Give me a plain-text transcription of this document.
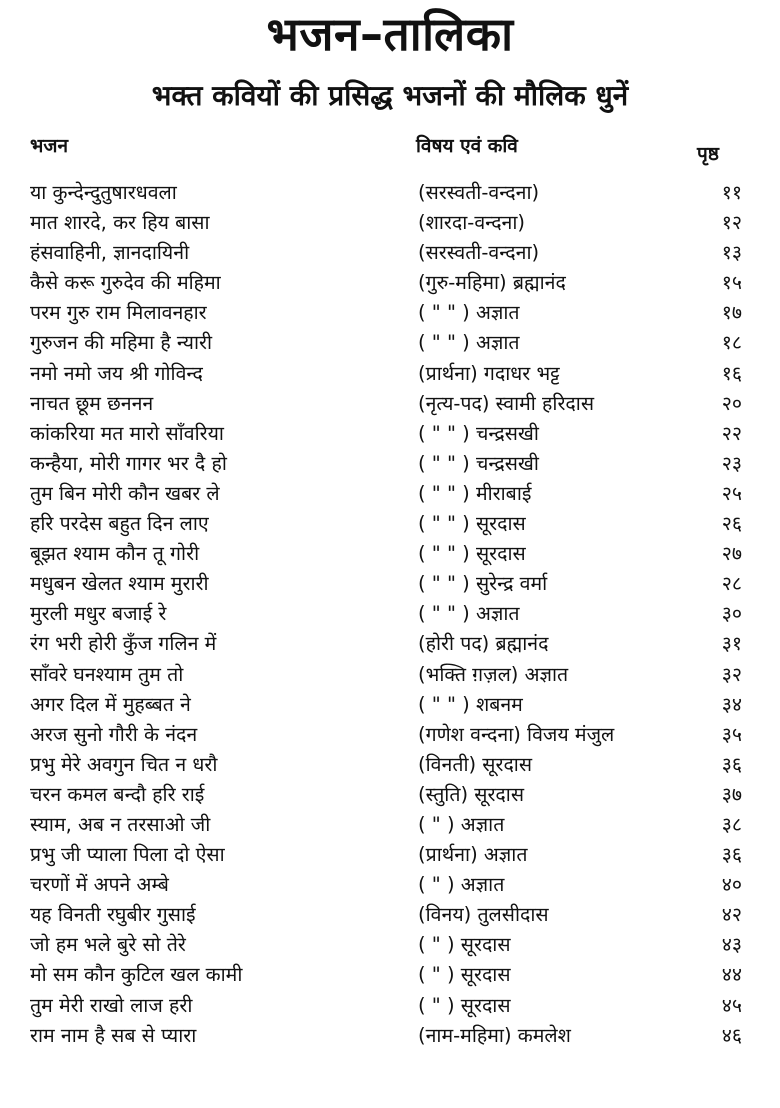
भजन–तालिका
भक्त कवियों की प्रसिद्ध भजनों की मौलिक धुनें
भजन	विषय एवं कवि	पृष्ठ
या कुन्देन्दुतुषारधवला	(सरस्वती-वन्दना)	११
मात शारदे, कर हिय बासा	(शारदा-वन्दना)	१२
हंसवाहिनी, ज्ञानदायिनी	(सरस्वती-वन्दना)	१३
कैसे करू गुरुदेव की महिमा	(गुरु-महिमा) ब्रह्मानंद	१५
परम गुरु राम मिलावनहार	( " " ) अज्ञात	१७
गुरुजन की महिमा है न्यारी	( " " ) अज्ञात	१८
नमो नमो जय श्री गोविन्द	(प्रार्थना) गदाधर भट्ट	१६
नाचत छूम छननन	(नृत्य-पद) स्वामी हरिदास	२०
कांकरिया मत मारो साँवरिया	( " " ) चन्द्रसखी	२२
कन्हैया, मोरी गागर भर दै हो	( " " ) चन्द्रसखी	२३
तुम बिन मोरी कौन खबर ले	( " " ) मीराबाई	२५
हरि परदेस बहुत दिन लाए	( " " ) सूरदास	२६
बूझत श्याम कौन तू गोरी	( " " ) सूरदास	२७
मधुबन खेलत श्याम मुरारी	( " " ) सुरेन्द्र वर्मा	२८
मुरली मधुर बजाई रे	( " " ) अज्ञात	३०
रंग भरी होरी कुँज गलिन में	(होरी पद) ब्रह्मानंद	३१
साँवरे घनश्याम तुम तो	(भक्ति ग़ज़ल) अज्ञात	३२
अगर दिल में मुहब्बत ने	( " " ) शबनम	३४
अरज सुनो गौरी के नंदन	(गणेश वन्दना) विजय मंजुल	३५
प्रभु मेरे अवगुन चित न धरौ	(विनती) सूरदास	३६
चरन कमल बन्दौ हरि राई	(स्तुति) सूरदास	३७
स्याम, अब न तरसाओ जी	( " ) अज्ञात	३८
प्रभु जी प्याला पिला दो ऐसा	(प्रार्थना) अज्ञात	३६
चरणों में अपने अम्बे	( " ) अज्ञात	४०
यह विनती रघुबीर गुसाई	(विनय) तुलसीदास	४२
जो हम भले बुरे सो तेरे	( " ) सूरदास	४३
मो सम कौन कुटिल खल कामी	( " ) सूरदास	४४
तुम मेरी राखो लाज हरी	( " ) सूरदास	४५
राम नाम है सब से प्यारा	(नाम-महिमा) कमलेश	४६
